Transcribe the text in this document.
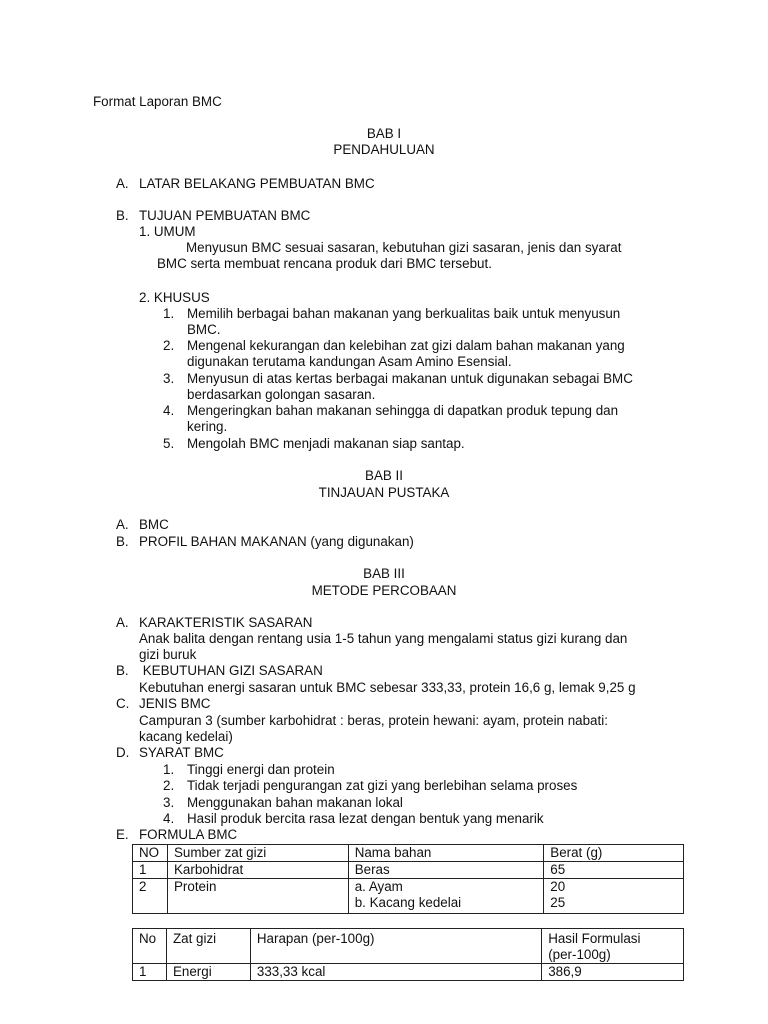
Format Laporan BMC
BAB I
PENDAHULUAN
A. LATAR BELAKANG PEMBUATAN BMC
B. TUJUAN PEMBUATAN BMC
1. UMUM
Menyusun BMC sesuai sasaran, kebutuhan gizi sasaran, jenis dan syarat
BMC serta membuat rencana produk dari BMC tersebut.
2. KHUSUS
1. Memilih berbagai bahan makanan yang berkualitas baik untuk menyusun
BMC.
2. Mengenal kekurangan dan kelebihan zat gizi dalam bahan makanan yang
digunakan terutama kandungan Asam Amino Esensial.
3. Menyusun di atas kertas berbagai makanan untuk digunakan sebagai BMC
berdasarkan golongan sasaran.
4. Mengeringkan bahan makanan sehingga di dapatkan produk tepung dan
kering.
5. Mengolah BMC menjadi makanan siap santap.
BAB II
TINJAUAN PUSTAKA
A. BMC
B. PROFIL BAHAN MAKANAN (yang digunakan)
BAB III
METODE PERCOBAAN
A. KARAKTERISTIK SASARAN
Anak balita dengan rentang usia 1-5 tahun yang mengalami status gizi kurang dan
gizi buruk
B. KEBUTUHAN GIZI SASARAN
Kebutuhan energi sasaran untuk BMC sebesar 333,33, protein 16,6 g, lemak 9,25 g
C. JENIS BMC
Campuran 3 (sumber karbohidrat : beras, protein hewani: ayam, protein nabati:
kacang kedelai)
D. SYARAT BMC
1. Tinggi energi dan protein
2. Tidak terjadi pengurangan zat gizi yang berlebihan selama proses
3. Menggunakan bahan makanan lokal
4. Hasil produk bercita rasa lezat dengan bentuk yang menarik
E. FORMULA BMC
NO	Sumber zat gizi	Nama bahan	Berat (g)
1	Karbohidrat	Beras	65
2	Protein	a. Ayam	20
		b. Kacang kedelai	25
No	Zat gizi	Harapan (per-100g)	Hasil Formulasi
(per-100g)

1	Energi	333,33 kcal	386,9
